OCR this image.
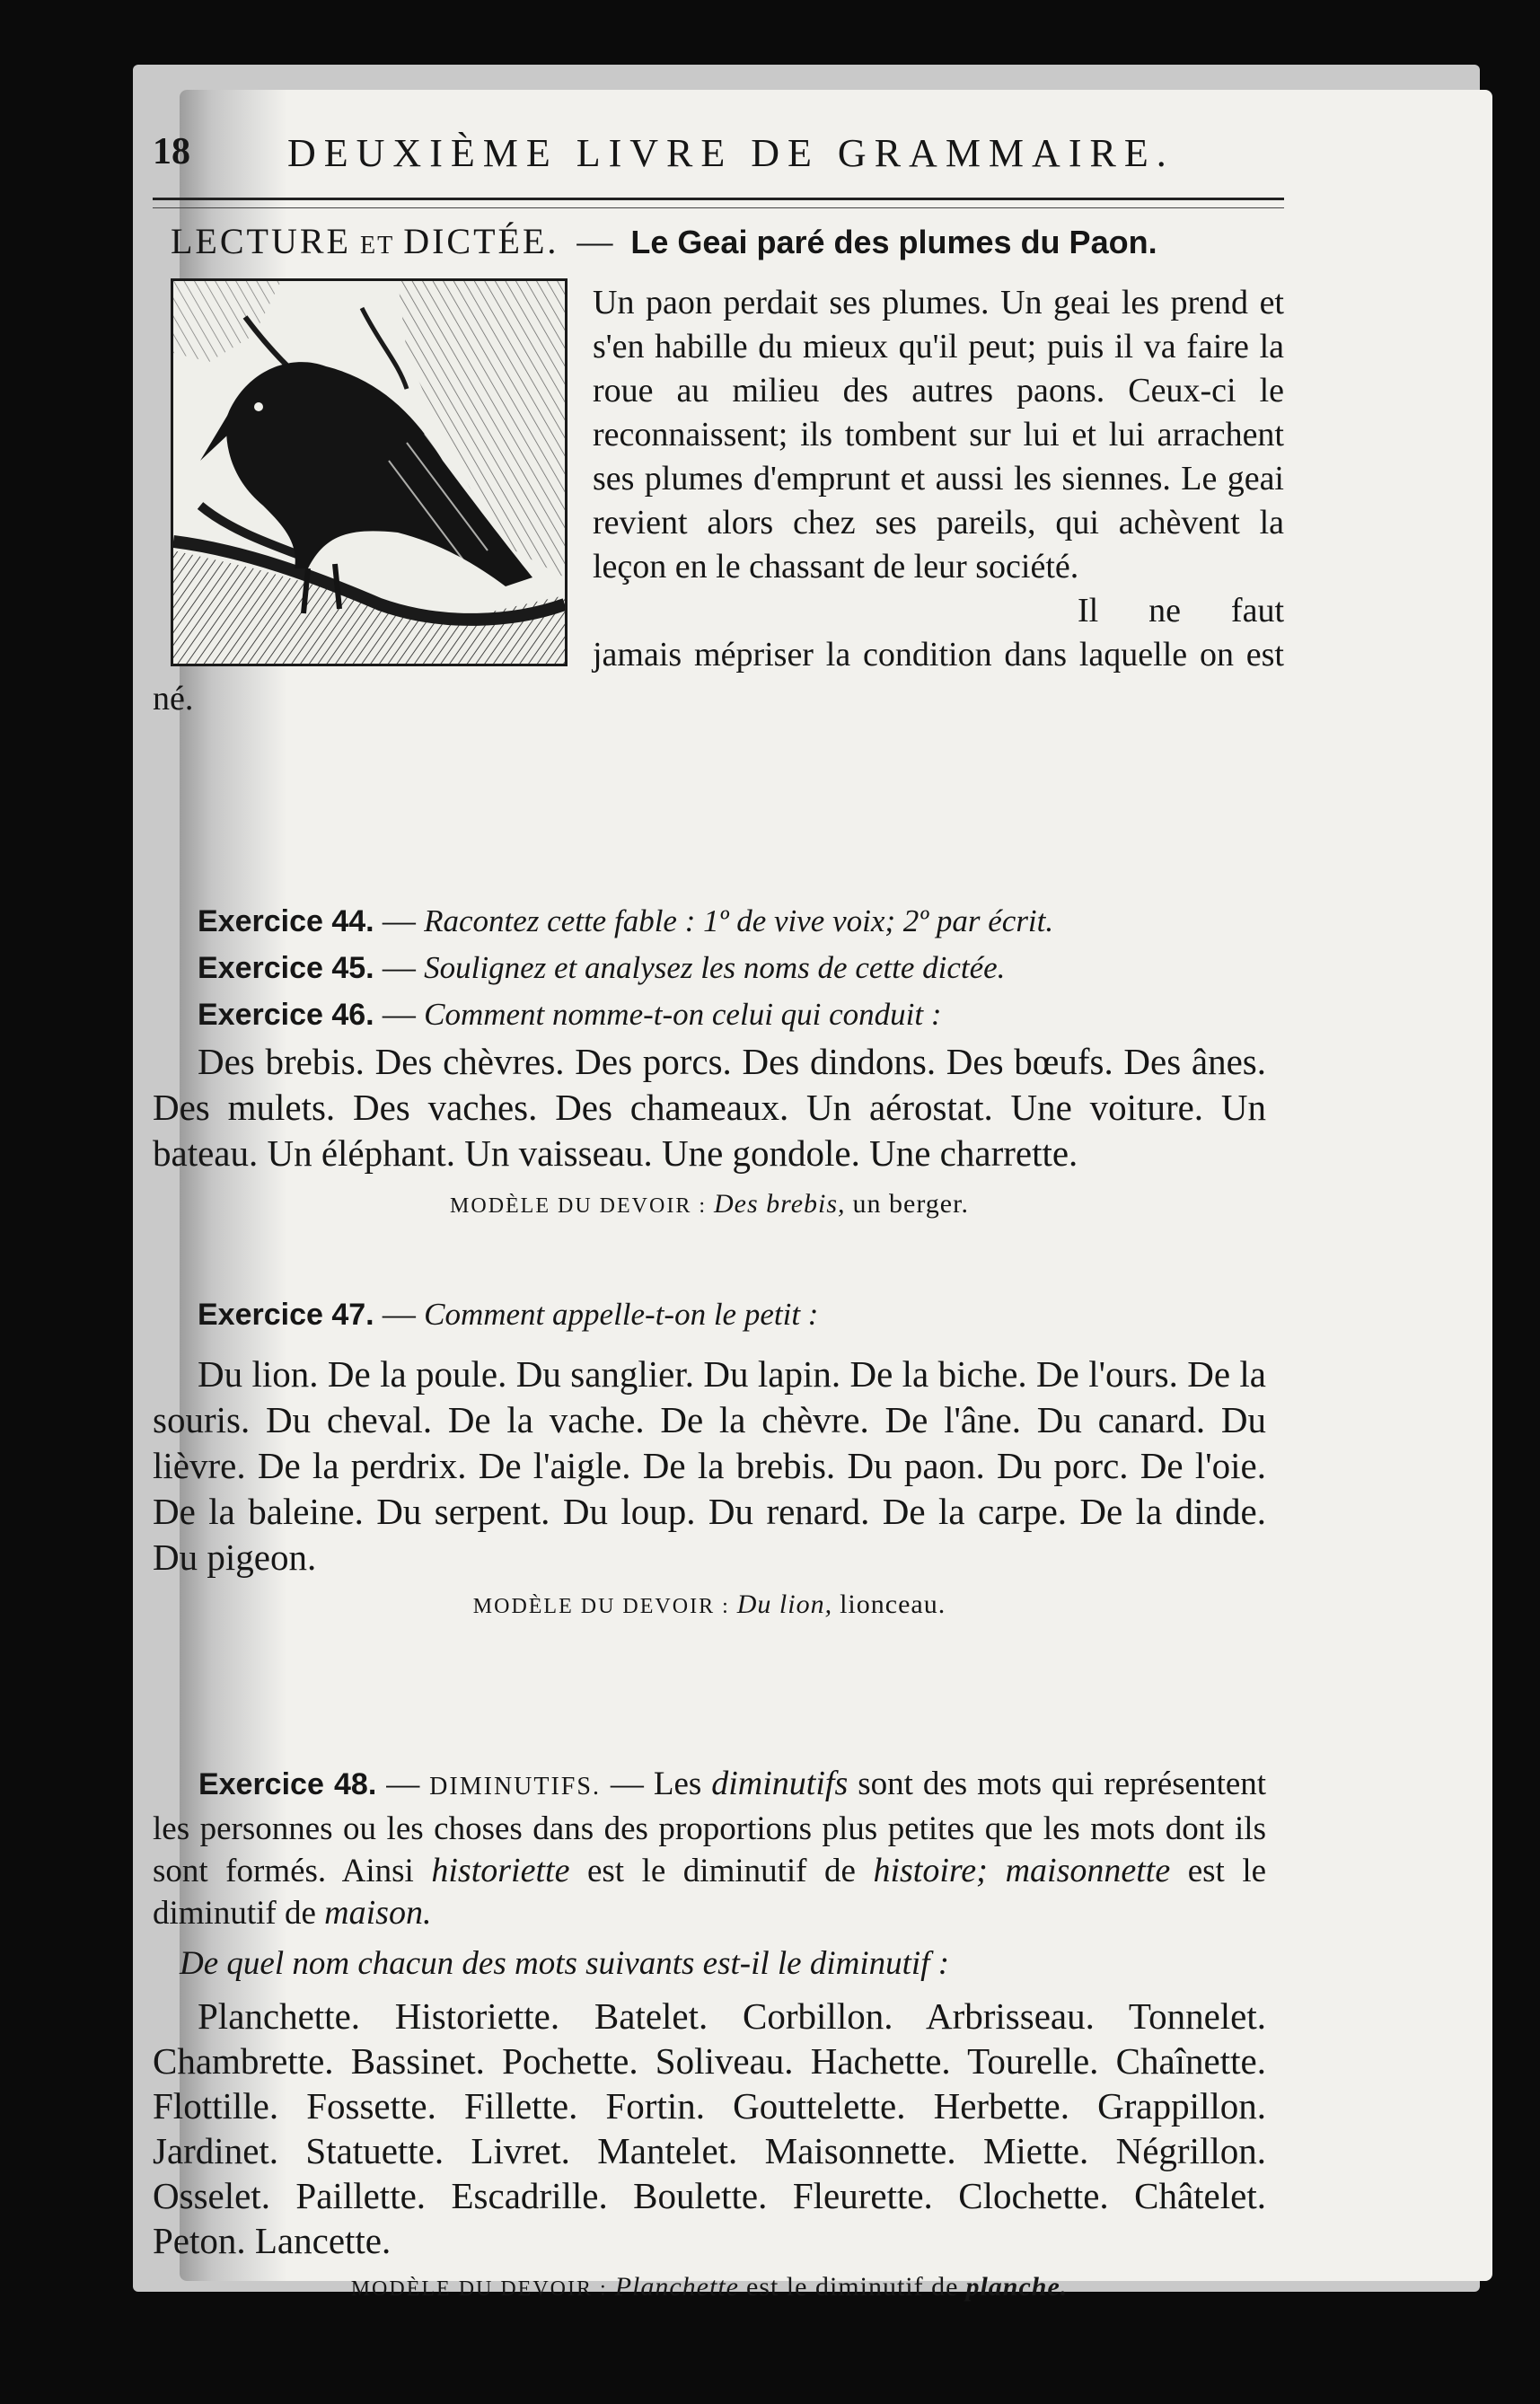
18 DEUXIÈME LIVRE DE GRAMMAIRE.
LECTURE ET DICTÉE. — Le Geai paré des plumes du Paon.

Un paon perdait ses plumes. Un geai les prend et s'en habille du mieux qu'il peut; puis il va faire la roue au milieu des autres paons. Ceux-ci le reconnaissent; ils tombent sur lui et lui arrachent ses plumes d'emprunt et aussi les siennes. Le geai revient alors chez ses pareils, qui achèvent la leçon en le chassant de leur société.

Il ne faut jamais mépriser la condition dans laquelle on est né.

Exercice 44. — Racontez cette fable : 1º de vive voix; 2º par écrit.
Exercice 45. — Soulignez et analysez les noms de cette dictée.
Exercice 46. — Comment nomme-t-on celui qui conduit :
Des brebis. Des chèvres. Des porcs. Des dindons. Des bœufs. Des ânes. Des mulets. Des vaches. Des chameaux. Un aérostat. Une voiture. Un bateau. Un éléphant. Un vaisseau. Une gondole. Une charrette.
MODÈLE DU DEVOIR : Des brebis, un berger.
Exercice 47. — Comment appelle-t-on le petit :
Du lion. De la poule. Du sanglier. Du lapin. De la biche. De l'ours. De la souris. Du cheval. De la vache. De la chèvre. De l'âne. Du canard. Du lièvre. De la perdrix. De l'aigle. De la brebis. Du paon. Du porc. De l'oie. De la baleine. Du serpent. Du loup. Du renard. De la carpe. De la dinde. Du pigeon.
MODÈLE DU DEVOIR : Du lion, lionceau.
Exercice 48. — DIMINUTIFS. — Les diminutifs sont des mots qui représentent les personnes ou les choses dans des proportions plus petites que les mots dont ils sont formés. Ainsi historiette est le diminutif de histoire; maisonnette est le diminutif de maison.
De quel nom chacun des mots suivants est-il le diminutif :
Planchette. Historiette. Batelet. Corbillon. Arbrisseau. Tonnelet. Chambrette. Bassinet. Pochette. Soliveau. Hachette. Tourelle. Chaînette. Flottille. Fossette. Fillette. Fortin. Gouttelette. Herbette. Grappillon. Jardinet. Statuette. Livret. Mantelet. Maisonnette. Miette. Négrillon. Osselet. Paillette. Escadrille. Boulette. Fleurette. Clochette. Châtelet. Peton. Lancette.
MODÈLE DU DEVOIR : Planchette est le diminutif de planche.
